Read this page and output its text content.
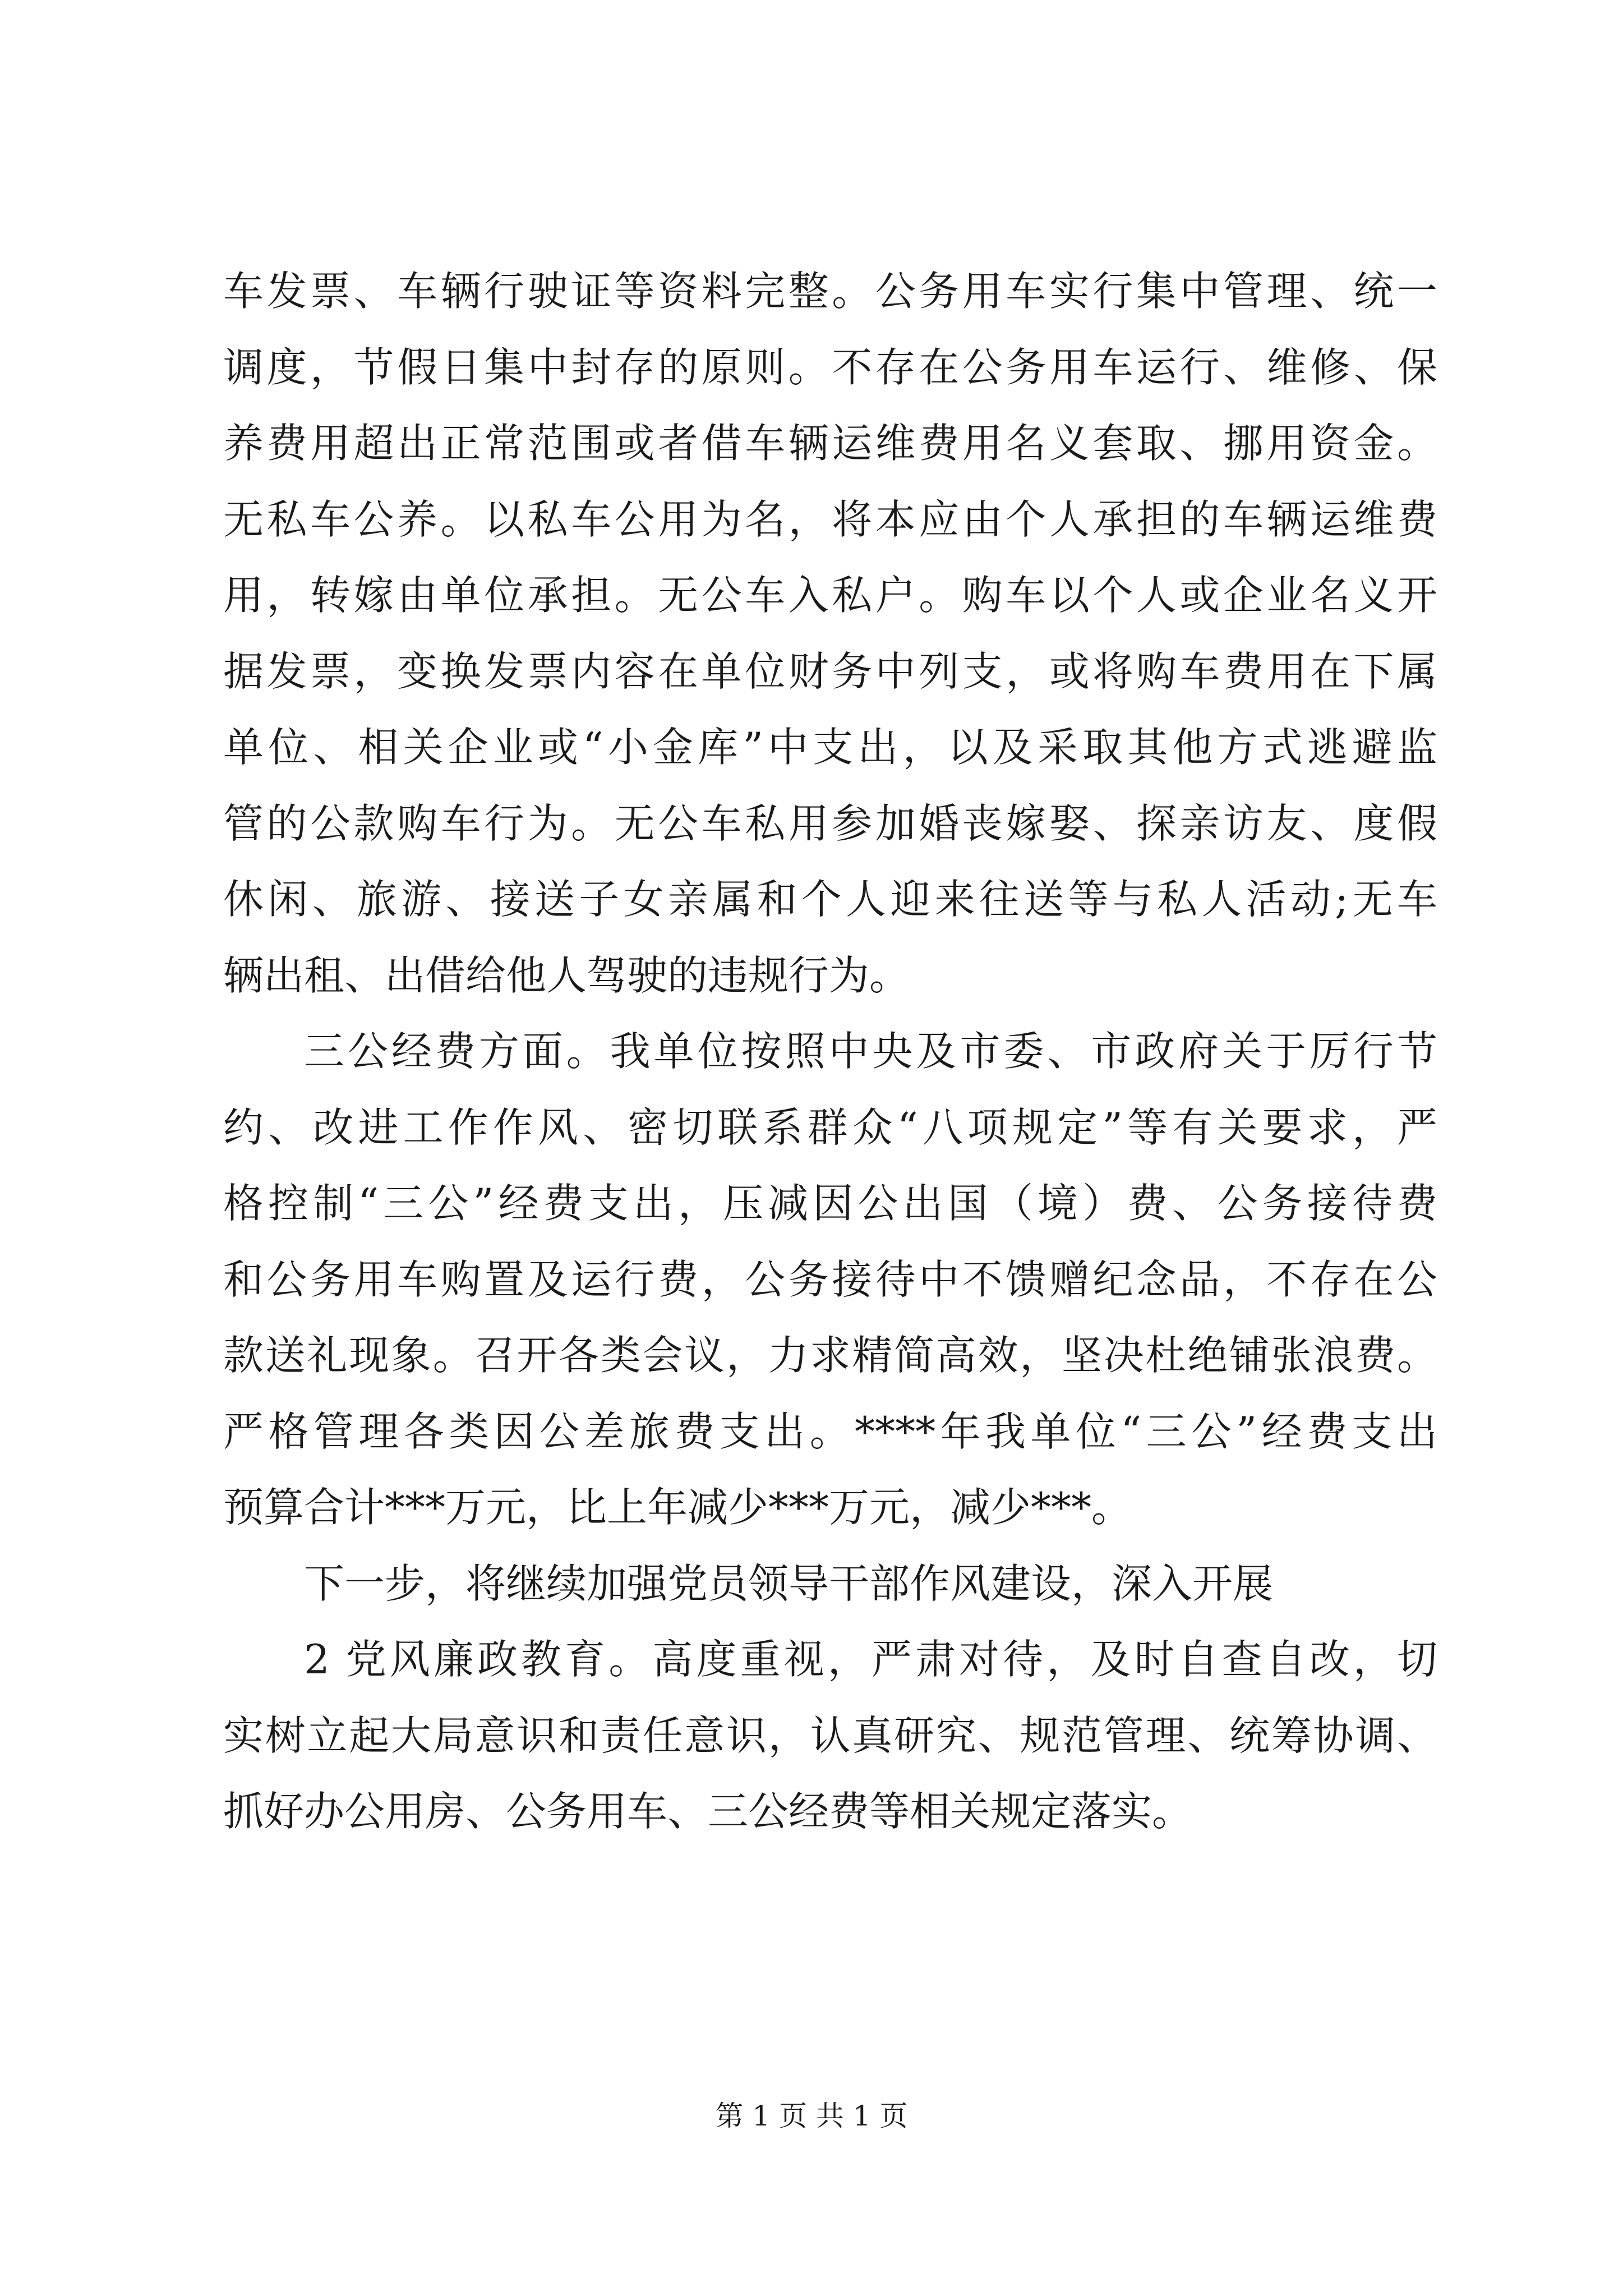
车发票、车辆行驶证等资料完整。公务用车实行集中管理、统一
调度，节假日集中封存的原则。不存在公务用车运行、维修、保
养费用超出正常范围或者借车辆运维费用名义套取、挪用资金。
无私车公养。以私车公用为名，将本应由个人承担的车辆运维费
用，转嫁由单位承担。无公车入私户。购车以个人或企业名义开
据发票，变换发票内容在单位财务中列支，或将购车费用在下属
单位、相关企业或“小金库”中支出，以及采取其他方式逃避监
管的公款购车行为。无公车私用参加婚丧嫁娶、探亲访友、度假
休闲、旅游、接送子女亲属和个人迎来往送等与私人活动;无车
辆出租、出借给他人驾驶的违规行为。
三公经费方面。我单位按照中央及市委、市政府关于厉行节
约、改进工作作风、密切联系群众“八项规定”等有关要求，严
格控制“三公”经费支出，压减因公出国（境）费、公务接待费
和公务用车购置及运行费，公务接待中不馈赠纪念品，不存在公
款送礼现象。召开各类会议，力求精简高效，坚决杜绝铺张浪费。
严格管理各类因公差旅费支出。****年我单位“三公”经费支出
预算合计***万元，比上年减少***万元，减少***。
下一步，将继续加强党员领导干部作风建设，深入开展
2 党风廉政教育。高度重视，严肃对待，及时自查自改，切
实树立起大局意识和责任意识，认真研究、规范管理、统筹协调、
抓好办公用房、公务用车、三公经费等相关规定落实。
第 1 页 共 1 页
